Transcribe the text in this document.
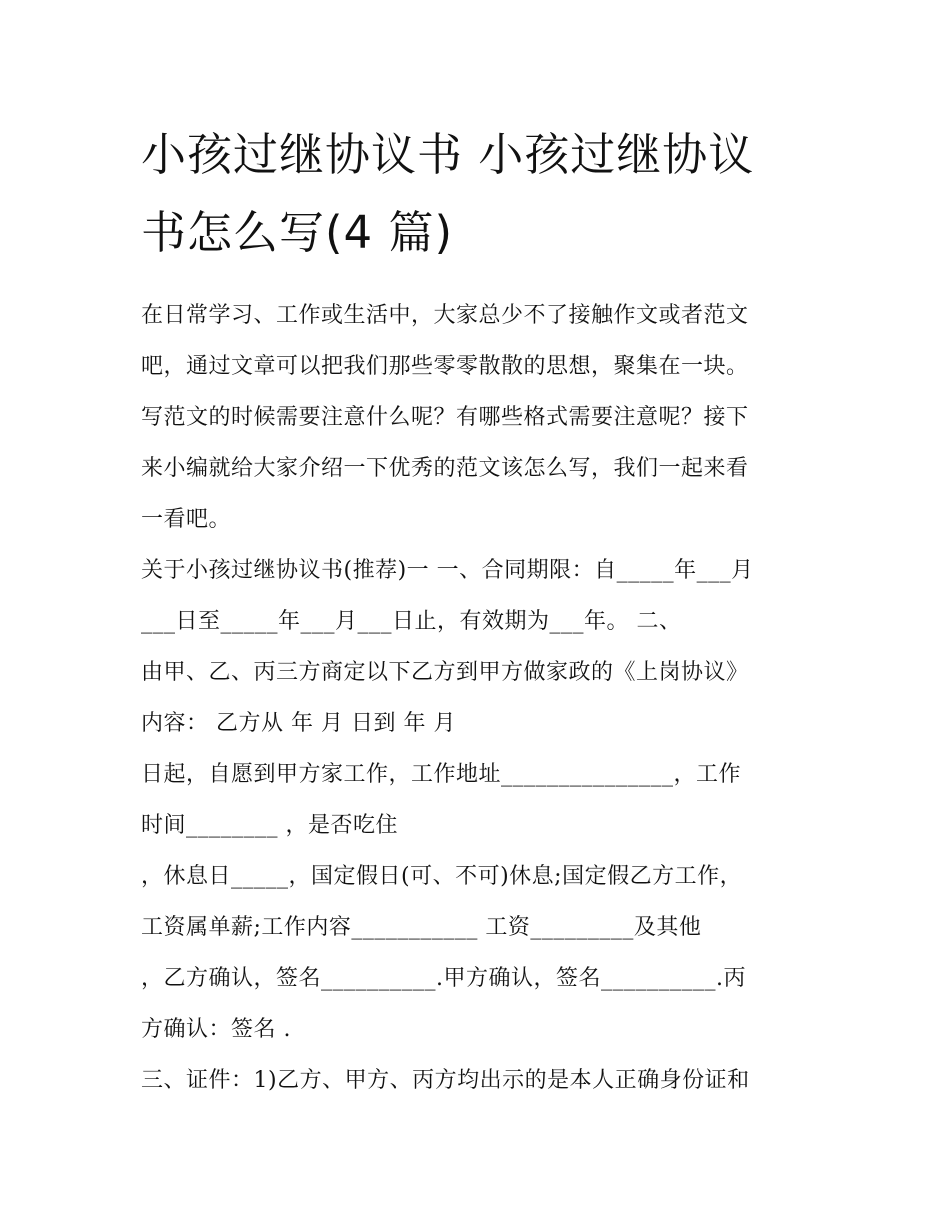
小孩过继协议书 小孩过继协议
书怎么写(4 篇)
在日常学习、工作或生活中，大家总少不了接触作文或者范文
吧，通过文章可以把我们那些零零散散的思想，聚集在一块。
写范文的时候需要注意什么呢？有哪些格式需要注意呢？接下
来小编就给大家介绍一下优秀的范文该怎么写，我们一起来看
一看吧。
关于小孩过继协议书(推荐)一 一、合同期限：自_____年___月
___日至_____年___月___日止，有效期为___年。 二、
由甲、乙、丙三方商定以下乙方到甲方做家政的《上岗协议》
内容： 乙方从 年 月 日到 年 月
日起，自愿到甲方家工作，工作地址_______________，工作
时间________ ，是否吃住
，休息日_____，国定假日(可、不可)休息;国定假乙方工作，
工资属单薪;工作内容___________ 工资_________及其他
，乙方确认，签名__________.甲方确认，签名__________.丙
方确认：签名 .
三、证件：1)乙方、甲方、丙方均出示的是本人正确身份证和
